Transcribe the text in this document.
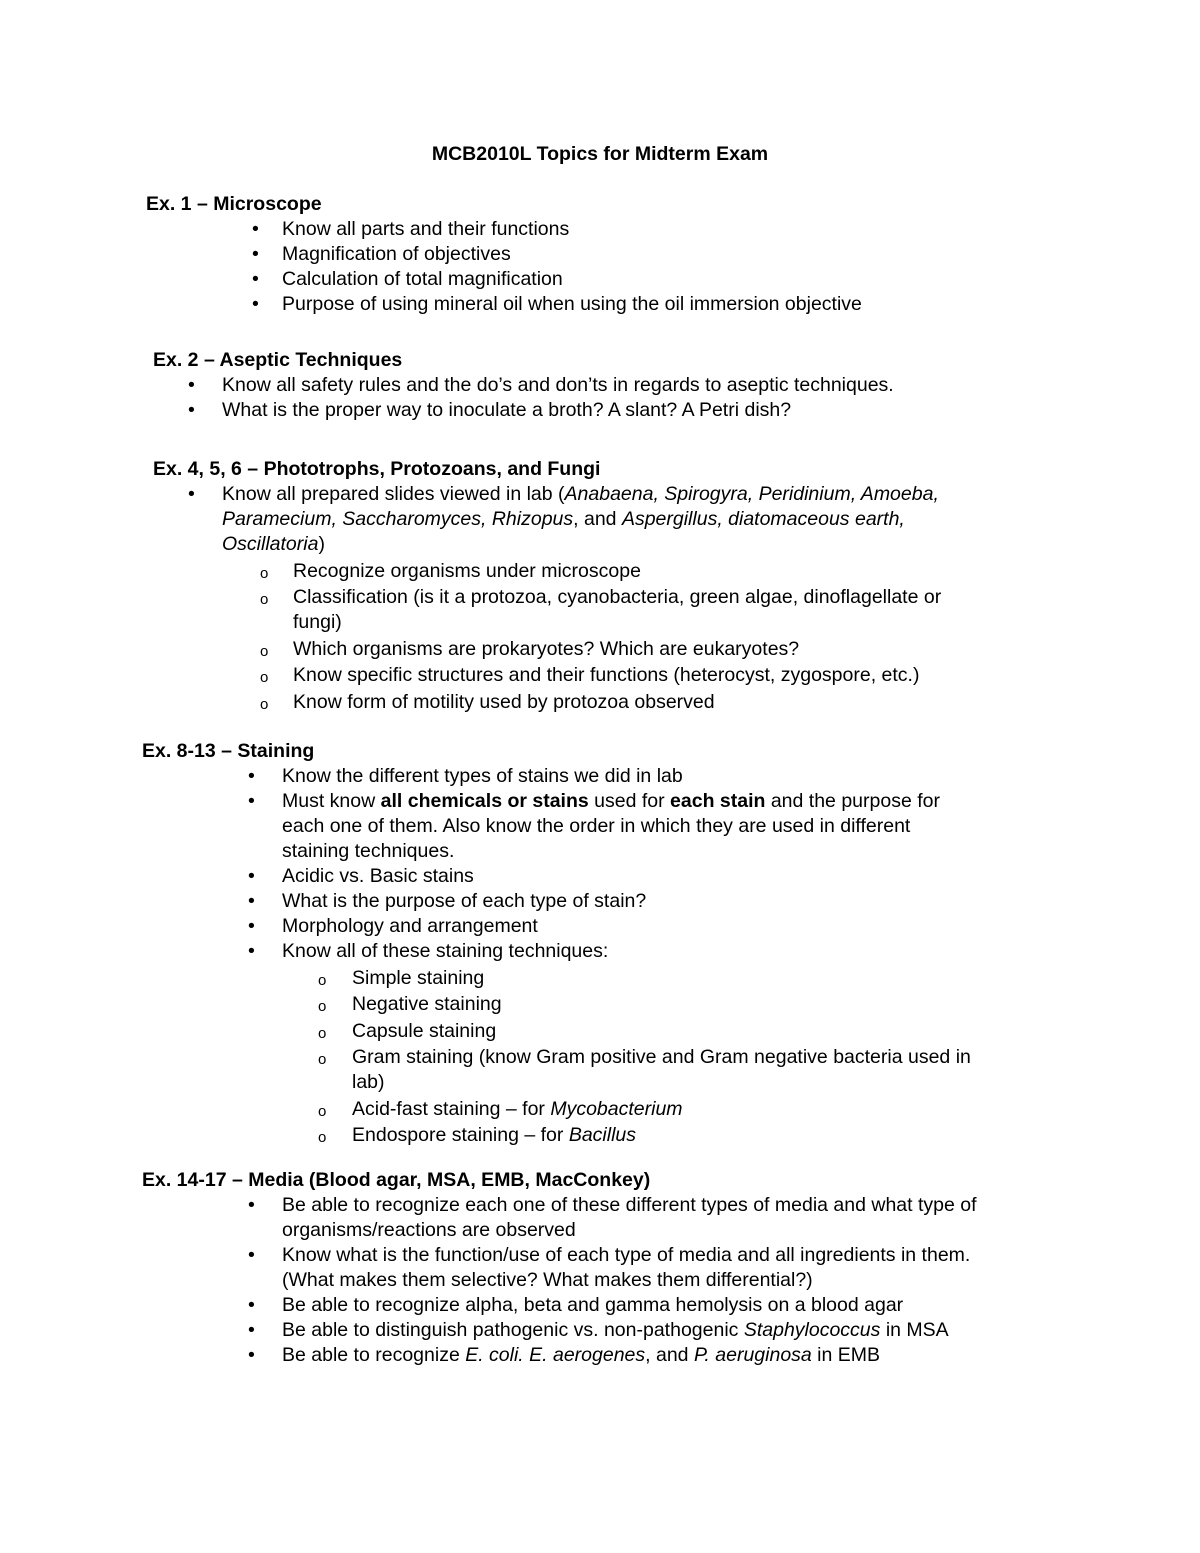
MCB2010L Topics for Midterm Exam
Ex. 1 – Microscope
•	Know all parts and their functions
•	Magnification of objectives
•	Calculation of total magnification
•	Purpose of using mineral oil when using the oil immersion objective
Ex. 2 – Aseptic Techniques
•	Know all safety rules and the do’s and don’ts in regards to aseptic techniques.
•	What is the proper way to inoculate a broth? A slant? A Petri dish?
Ex. 4, 5, 6 – Phototrophs, Protozoans, and Fungi
•	Know all prepared slides viewed in lab (Anabaena, Spirogyra, Peridinium, Amoeba,
Paramecium, Saccharomyces, Rhizopus, and Aspergillus, diatomaceous earth,
Oscillatoria)
o Recognize organisms under microscope
o Classification (is it a protozoa, cyanobacteria, green algae, dinoflagellate or
fungi)
o Which organisms are prokaryotes? Which are eukaryotes?
o Know specific structures and their functions (heterocyst, zygospore, etc.)
o Know form of motility used by protozoa observed
Ex. 8-13 – Staining
•	Know the different types of stains we did in lab
•	Must know all chemicals or stains used for each stain and the purpose for
each one of them. Also know the order in which they are used in different
staining techniques.
•	Acidic vs. Basic stains
•	What is the purpose of each type of stain?
•	Morphology and arrangement
•	Know all of these staining techniques:
o Simple staining
o Negative staining
o Capsule staining
o Gram staining (know Gram positive and Gram negative bacteria used in
lab)
o Acid-fast staining – for Mycobacterium
o Endospore staining – for Bacillus
Ex. 14-17 – Media (Blood agar, MSA, EMB, MacConkey)
•	Be able to recognize each one of these different types of media and what type of
organisms/reactions are observed
•	Know what is the function/use of each type of media and all ingredients in them.
(What makes them selective? What makes them differential?)
•	Be able to recognize alpha, beta and gamma hemolysis on a blood agar
•	Be able to distinguish pathogenic vs. non-pathogenic Staphylococcus in MSA
•	Be able to recognize E. coli. E. aerogenes, and P. aeruginosa in EMB
